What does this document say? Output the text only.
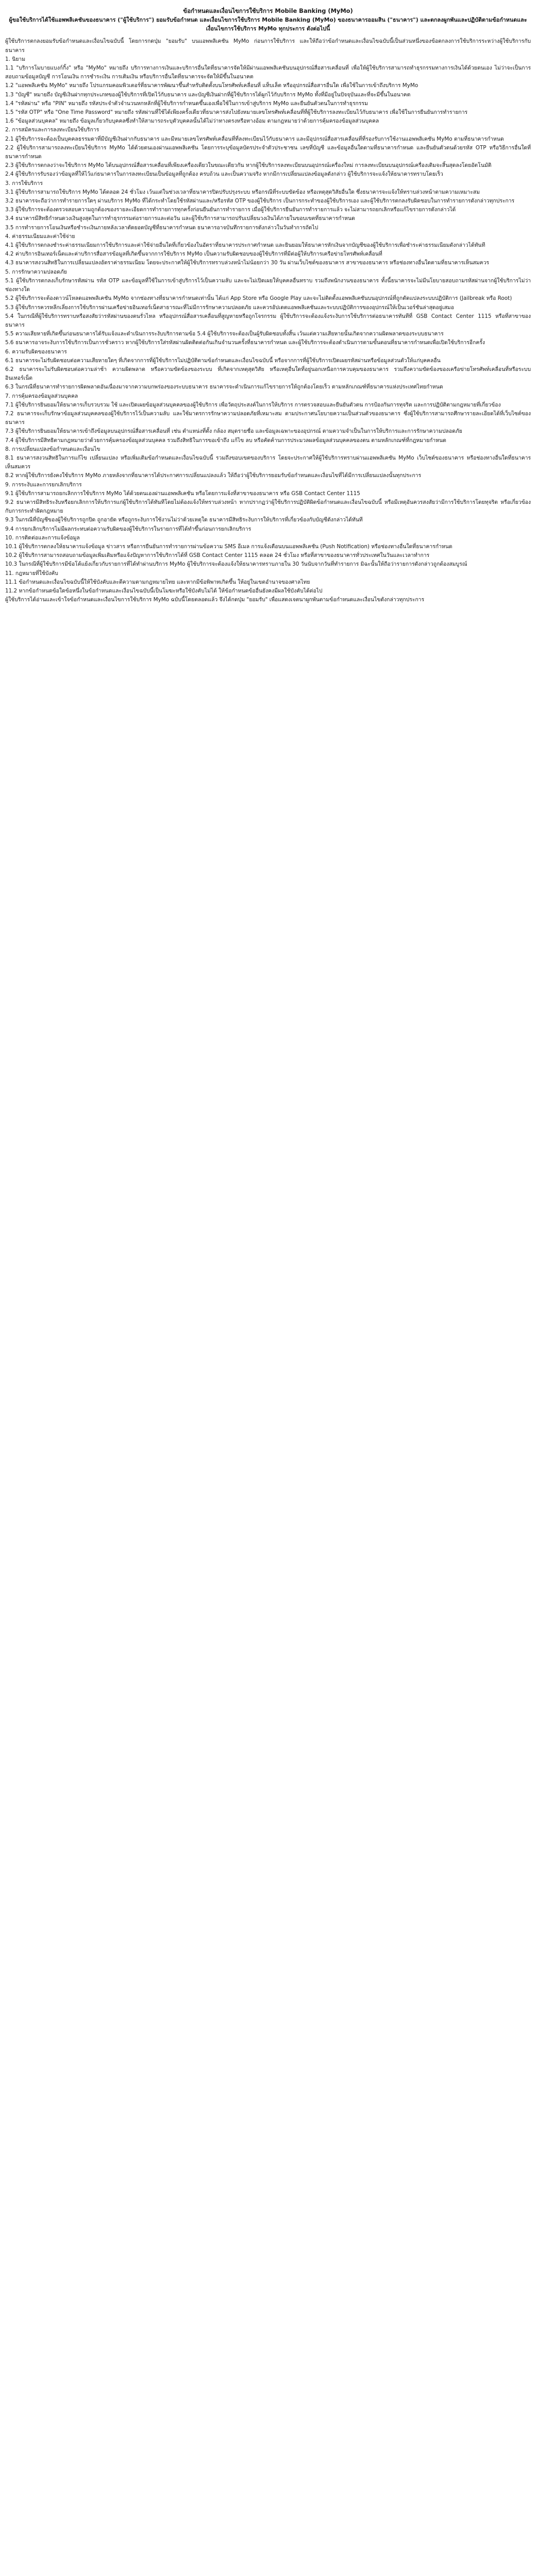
ข้อกำหนดและเงื่อนไขการใช้บริการ Mobile Banking (MyMo)
ผู้ขอใช้บริการได้ใช้แอพพลิเคชันของธนาคาร ("ผู้ใช้บริการ") ยอมรับข้อกำหนด และเงื่อนไขการใช้บริการ Mobile Banking (MyMo) ของธนาคารออมสิน ("ธนาคาร") และตกลงผูกพันและปฏิบัติตามข้อกำหนดและเงื่อนไขการใช้บริการ MyMo ทุกประการ ดังต่อไปนี้
ผู้ใช้บริการตกลงยอมรับข้อกำหนดและเงื่อนไขฉบับนี้ โดยการกดปุ่ม "ยอมรับ" บนแอพพลิเคชัน MyMo ก่อนการใช้บริการ และให้ถือว่าข้อกำหนดและเงื่อนไขฉบับนี้เป็นส่วนหนึ่งของข้อตกลงการใช้บริการระหว่างผู้ใช้บริการกับธนาคาร

1. นิยาม

1.1 "บริการโมบายแบงก์กิ้ง" หรือ "MyMo" หมายถึง บริการทางการเงินและบริการอื่นใดที่ธนาคารจัดให้มีผ่านแอพพลิเคชันบนอุปกรณ์สื่อสารเคลื่อนที่ เพื่อให้ผู้ใช้บริการสามารถทำธุรกรรมทางการเงินได้ด้วยตนเอง ไม่ว่าจะเป็นการสอบถามข้อมูลบัญชี การโอนเงิน การชำระเงิน การเติมเงิน หรือบริการอื่นใดที่ธนาคารจะจัดให้มีขึ้นในอนาคต

1.2 "แอพพลิเคชัน MyMo" หมายถึง โปรแกรมคอมพิวเตอร์ที่ธนาคารพัฒนาขึ้นสำหรับติดตั้งบนโทรศัพท์เคลื่อนที่ แท็บเล็ต หรืออุปกรณ์สื่อสารอื่นใด เพื่อใช้ในการเข้าถึงบริการ MyMo

1.3 "บัญชี" หมายถึง บัญชีเงินฝากทุกประเภทของผู้ใช้บริการที่เปิดไว้กับธนาคาร และบัญชีเงินฝากที่ผู้ใช้บริการได้ผูกไว้กับบริการ MyMo ทั้งที่มีอยู่ในปัจจุบันและที่จะมีขึ้นในอนาคต

1.4 "รหัสผ่าน" หรือ "PIN" หมายถึง รหัสประจำตัวจำนวนหกหลักที่ผู้ใช้บริการกำหนดขึ้นเองเพื่อใช้ในการเข้าสู่บริการ MyMo และยืนยันตัวตนในการทำธุรกรรม

1.5 "รหัส OTP" หรือ "One Time Password" หมายถึง รหัสผ่านที่ใช้ได้เพียงครั้งเดียวที่ธนาคารส่งไปยังหมายเลขโทรศัพท์เคลื่อนที่ที่ผู้ใช้บริการลงทะเบียนไว้กับธนาคาร เพื่อใช้ในการยืนยันการทำรายการ

1.6 "ข้อมูลส่วนบุคคล" หมายถึง ข้อมูลเกี่ยวกับบุคคลซึ่งทำให้สามารถระบุตัวบุคคลนั้นได้ไม่ว่าทางตรงหรือทางอ้อม ตามกฎหมายว่าด้วยการคุ้มครองข้อมูลส่วนบุคคล

2. การสมัครและการลงทะเบียนใช้บริการ

2.1 ผู้ใช้บริการจะต้องเป็นบุคคลธรรมดาที่มีบัญชีเงินฝากกับธนาคาร และมีหมายเลขโทรศัพท์เคลื่อนที่ที่ลงทะเบียนไว้กับธนาคาร และมีอุปกรณ์สื่อสารเคลื่อนที่ที่รองรับการใช้งานแอพพลิเคชัน MyMo ตามที่ธนาคารกำหนด

2.2 ผู้ใช้บริการสามารถลงทะเบียนใช้บริการ MyMo ได้ด้วยตนเองผ่านแอพพลิเคชัน โดยการระบุข้อมูลบัตรประจำตัวประชาชน เลขที่บัญชี และข้อมูลอื่นใดตามที่ธนาคารกำหนด และยืนยันตัวตนด้วยรหัส OTP หรือวิธีการอื่นใดที่ธนาคารกำหนด

2.3 ผู้ใช้บริการตกลงว่าจะใช้บริการ MyMo ได้บนอุปกรณ์สื่อสารเคลื่อนที่เพียงเครื่องเดียวในขณะเดียวกัน หากผู้ใช้บริการลงทะเบียนบนอุปกรณ์เครื่องใหม่ การลงทะเบียนบนอุปกรณ์เครื่องเดิมจะสิ้นสุดลงโดยอัตโนมัติ

2.4 ผู้ใช้บริการรับรองว่าข้อมูลที่ให้ไว้แก่ธนาคารในการลงทะเบียนเป็นข้อมูลที่ถูกต้อง ครบถ้วน และเป็นความจริง หากมีการเปลี่ยนแปลงข้อมูลดังกล่าว ผู้ใช้บริการจะแจ้งให้ธนาคารทราบโดยเร็ว

3. การใช้บริการ

3.1 ผู้ใช้บริการสามารถใช้บริการ MyMo ได้ตลอด 24 ชั่วโมง เว้นแต่ในช่วงเวลาที่ธนาคารปิดปรับปรุงระบบ หรือกรณีที่ระบบขัดข้อง หรือเหตุสุดวิสัยอื่นใด ซึ่งธนาคารจะแจ้งให้ทราบล่วงหน้าตามความเหมาะสม

3.2 ธนาคารจะถือว่าการทำรายการใดๆ ผ่านบริการ MyMo ที่ได้กระทำโดยใช้รหัสผ่านและ/หรือรหัส OTP ของผู้ใช้บริการ เป็นการกระทำของผู้ใช้บริการเอง และผู้ใช้บริการตกลงรับผิดชอบในการทำรายการดังกล่าวทุกประการ

3.3 ผู้ใช้บริการจะต้องตรวจสอบความถูกต้องของรายละเอียดการทำรายการทุกครั้งก่อนยืนยันการทำรายการ เมื่อผู้ใช้บริการยืนยันการทำรายการแล้ว จะไม่สามารถยกเลิกหรือแก้ไขรายการดังกล่าวได้

3.4 ธนาคารมีสิทธิกำหนดวงเงินสูงสุดในการทำธุรกรรมต่อรายการและต่อวัน และผู้ใช้บริการสามารถปรับเปลี่ยนวงเงินได้ภายในขอบเขตที่ธนาคารกำหนด

3.5 การทำรายการโอนเงินหรือชำระเงินภายหลังเวลาตัดยอดบัญชีที่ธนาคารกำหนด ธนาคารอาจบันทึกรายการดังกล่าวในวันทำการถัดไป

4. ค่าธรรมเนียมและค่าใช้จ่าย

4.1 ผู้ใช้บริการตกลงชำระค่าธรรมเนียมการใช้บริการและค่าใช้จ่ายอื่นใดที่เกี่ยวข้องในอัตราที่ธนาคารประกาศกำหนด และยินยอมให้ธนาคารหักเงินจากบัญชีของผู้ใช้บริการเพื่อชำระค่าธรรมเนียมดังกล่าวได้ทันที

4.2 ค่าบริการอินเทอร์เน็ตและค่าบริการสื่อสารข้อมูลที่เกิดขึ้นจากการใช้บริการ MyMo เป็นความรับผิดชอบของผู้ใช้บริการที่มีต่อผู้ให้บริการเครือข่ายโทรศัพท์เคลื่อนที่

4.3 ธนาคารสงวนสิทธิในการเปลี่ยนแปลงอัตราค่าธรรมเนียม โดยจะประกาศให้ผู้ใช้บริการทราบล่วงหน้าไม่น้อยกว่า 30 วัน ผ่านเว็บไซต์ของธนาคาร สาขาของธนาคาร หรือช่องทางอื่นใดตามที่ธนาคารเห็นสมควร

5. การรักษาความปลอดภัย

5.1 ผู้ใช้บริการตกลงเก็บรักษารหัสผ่าน รหัส OTP และข้อมูลที่ใช้ในการเข้าสู่บริการไว้เป็นความลับ และจะไม่เปิดเผยให้บุคคลอื่นทราบ รวมถึงพนักงานของธนาคาร ทั้งนี้ธนาคารจะไม่มีนโยบายสอบถามรหัสผ่านจากผู้ใช้บริการไม่ว่าช่องทางใด

5.2 ผู้ใช้บริการจะต้องดาวน์โหลดแอพพลิเคชัน MyMo จากช่องทางที่ธนาคารกำหนดเท่านั้น ได้แก่ App Store หรือ Google Play และจะไม่ติดตั้งแอพพลิเคชันบนอุปกรณ์ที่ถูกดัดแปลงระบบปฏิบัติการ (Jailbreak หรือ Root)

5.3 ผู้ใช้บริการควรหลีกเลี่ยงการใช้บริการผ่านเครือข่ายอินเทอร์เน็ตสาธารณะที่ไม่มีการรักษาความปลอดภัย และควรอัปเดตแอพพลิเคชันและระบบปฏิบัติการของอุปกรณ์ให้เป็นเวอร์ชันล่าสุดอยู่เสมอ

5.4 ในกรณีที่ผู้ใช้บริการทราบหรือสงสัยว่ารหัสผ่านของตนรั่วไหล หรืออุปกรณ์สื่อสารเคลื่อนที่สูญหายหรือถูกโจรกรรม ผู้ใช้บริการจะต้องแจ้งระงับการใช้บริการต่อธนาคารทันทีที่ GSB Contact Center 1115 หรือที่สาขาของธนาคาร

5.5 ความเสียหายที่เกิดขึ้นก่อนธนาคารได้รับแจ้งและดำเนินการระงับบริการตามข้อ 5.4 ผู้ใช้บริการจะต้องเป็นผู้รับผิดชอบทั้งสิ้น เว้นแต่ความเสียหายนั้นเกิดจากความผิดพลาดของระบบธนาคาร

5.6 ธนาคารอาจระงับการใช้บริการเป็นการชั่วคราว หากผู้ใช้บริการใส่รหัสผ่านผิดติดต่อกันเกินจำนวนครั้งที่ธนาคารกำหนด และผู้ใช้บริการจะต้องดำเนินการตามขั้นตอนที่ธนาคารกำหนดเพื่อเปิดใช้บริการอีกครั้ง

6. ความรับผิดของธนาคาร

6.1 ธนาคารจะไม่รับผิดชอบต่อความเสียหายใดๆ ที่เกิดจากการที่ผู้ใช้บริการไม่ปฏิบัติตามข้อกำหนดและเงื่อนไขฉบับนี้ หรือจากการที่ผู้ใช้บริการเปิดเผยรหัสผ่านหรือข้อมูลส่วนตัวให้แก่บุคคลอื่น

6.2 ธนาคารจะไม่รับผิดชอบต่อความล่าช้า ความผิดพลาด หรือความขัดข้องของระบบ ที่เกิดจากเหตุสุดวิสัย หรือเหตุอื่นใดที่อยู่นอกเหนือการควบคุมของธนาคาร รวมถึงความขัดข้องของเครือข่ายโทรศัพท์เคลื่อนที่หรือระบบอินเทอร์เน็ต

6.3 ในกรณีที่ธนาคารทำรายการผิดพลาดอันเนื่องมาจากความบกพร่องของระบบธนาคาร ธนาคารจะดำเนินการแก้ไขรายการให้ถูกต้องโดยเร็ว ตามหลักเกณฑ์ที่ธนาคารแห่งประเทศไทยกำหนด

7. การคุ้มครองข้อมูลส่วนบุคคล

7.1 ผู้ใช้บริการยินยอมให้ธนาคารเก็บรวบรวม ใช้ และเปิดเผยข้อมูลส่วนบุคคลของผู้ใช้บริการ เพื่อวัตถุประสงค์ในการให้บริการ การตรวจสอบและยืนยันตัวตน การป้องกันการทุจริต และการปฏิบัติตามกฎหมายที่เกี่ยวข้อง

7.2 ธนาคารจะเก็บรักษาข้อมูลส่วนบุคคลของผู้ใช้บริการไว้เป็นความลับ และใช้มาตรการรักษาความปลอดภัยที่เหมาะสม ตามประกาศนโยบายความเป็นส่วนตัวของธนาคาร ซึ่งผู้ใช้บริการสามารถศึกษารายละเอียดได้ที่เว็บไซต์ของธนาคาร

7.3 ผู้ใช้บริการยินยอมให้ธนาคารเข้าถึงข้อมูลบนอุปกรณ์สื่อสารเคลื่อนที่ เช่น ตำแหน่งที่ตั้ง กล้อง สมุดรายชื่อ และข้อมูลเฉพาะของอุปกรณ์ ตามความจำเป็นในการให้บริการและการรักษาความปลอดภัย

7.4 ผู้ใช้บริการมีสิทธิตามกฎหมายว่าด้วยการคุ้มครองข้อมูลส่วนบุคคล รวมถึงสิทธิในการขอเข้าถึง แก้ไข ลบ หรือคัดค้านการประมวลผลข้อมูลส่วนบุคคลของตน ตามหลักเกณฑ์ที่กฎหมายกำหนด

8. การเปลี่ยนแปลงข้อกำหนดและเงื่อนไข

8.1 ธนาคารสงวนสิทธิในการแก้ไข เปลี่ยนแปลง หรือเพิ่มเติมข้อกำหนดและเงื่อนไขฉบับนี้ รวมถึงขอบเขตของบริการ โดยจะประกาศให้ผู้ใช้บริการทราบผ่านแอพพลิเคชัน MyMo เว็บไซต์ของธนาคาร หรือช่องทางอื่นใดที่ธนาคารเห็นสมควร

8.2 หากผู้ใช้บริการยังคงใช้บริการ MyMo ภายหลังจากที่ธนาคารได้ประกาศการเปลี่ยนแปลงแล้ว ให้ถือว่าผู้ใช้บริการยอมรับข้อกำหนดและเงื่อนไขที่ได้มีการเปลี่ยนแปลงนั้นทุกประการ

9. การระงับและการยกเลิกบริการ

9.1 ผู้ใช้บริการสามารถยกเลิกการใช้บริการ MyMo ได้ด้วยตนเองผ่านแอพพลิเคชัน หรือโดยการแจ้งที่สาขาของธนาคาร หรือ GSB Contact Center 1115

9.2 ธนาคารมีสิทธิระงับหรือยกเลิกการให้บริการแก่ผู้ใช้บริการได้ทันทีโดยไม่ต้องแจ้งให้ทราบล่วงหน้า หากปรากฏว่าผู้ใช้บริการปฏิบัติผิดข้อกำหนดและเงื่อนไขฉบับนี้ หรือมีเหตุอันควรสงสัยว่ามีการใช้บริการโดยทุจริต หรือเกี่ยวข้องกับการกระทำผิดกฎหมาย

9.3 ในกรณีที่บัญชีของผู้ใช้บริการถูกปิด ถูกอายัด หรือถูกระงับการใช้งานไม่ว่าด้วยเหตุใด ธนาคารมีสิทธิระงับการให้บริการที่เกี่ยวข้องกับบัญชีดังกล่าวได้ทันที

9.4 การยกเลิกบริการไม่มีผลกระทบต่อความรับผิดของผู้ใช้บริการในรายการที่ได้ทำขึ้นก่อนการยกเลิกบริการ

10. การติดต่อและการแจ้งข้อมูล

10.1 ผู้ใช้บริการตกลงให้ธนาคารแจ้งข้อมูล ข่าวสาร หรือการยืนยันการทำรายการผ่านข้อความ SMS อีเมล การแจ้งเตือนบนแอพพลิเคชัน (Push Notification) หรือช่องทางอื่นใดที่ธนาคารกำหนด

10.2 ผู้ใช้บริการสามารถสอบถามข้อมูลเพิ่มเติมหรือแจ้งปัญหาการใช้บริการได้ที่ GSB Contact Center 1115 ตลอด 24 ชั่วโมง หรือที่สาขาของธนาคารทั่วประเทศในวันและเวลาทำการ

10.3 ในกรณีที่ผู้ใช้บริการมีข้อโต้แย้งเกี่ยวกับรายการที่ได้ทำผ่านบริการ MyMo ผู้ใช้บริการจะต้องแจ้งให้ธนาคารทราบภายใน 30 วันนับจากวันที่ทำรายการ มิฉะนั้นให้ถือว่ารายการดังกล่าวถูกต้องสมบูรณ์

11. กฎหมายที่ใช้บังคับ

11.1 ข้อกำหนดและเงื่อนไขฉบับนี้ให้ใช้บังคับและตีความตามกฎหมายไทย และหากมีข้อพิพาทเกิดขึ้น ให้อยู่ในเขตอำนาจของศาลไทย

11.2 หากข้อกำหนดข้อใดข้อหนึ่งในข้อกำหนดและเงื่อนไขฉบับนี้เป็นโมฆะหรือใช้บังคับไม่ได้ ให้ข้อกำหนดข้ออื่นยังคงมีผลใช้บังคับได้ต่อไป

ผู้ใช้บริการได้อ่านและเข้าใจข้อกำหนดและเงื่อนไขการใช้บริการ MyMo ฉบับนี้โดยตลอดแล้ว จึงได้กดปุ่ม "ยอมรับ" เพื่อแสดงเจตนาผูกพันตามข้อกำหนดและเงื่อนไขดังกล่าวทุกประการ
